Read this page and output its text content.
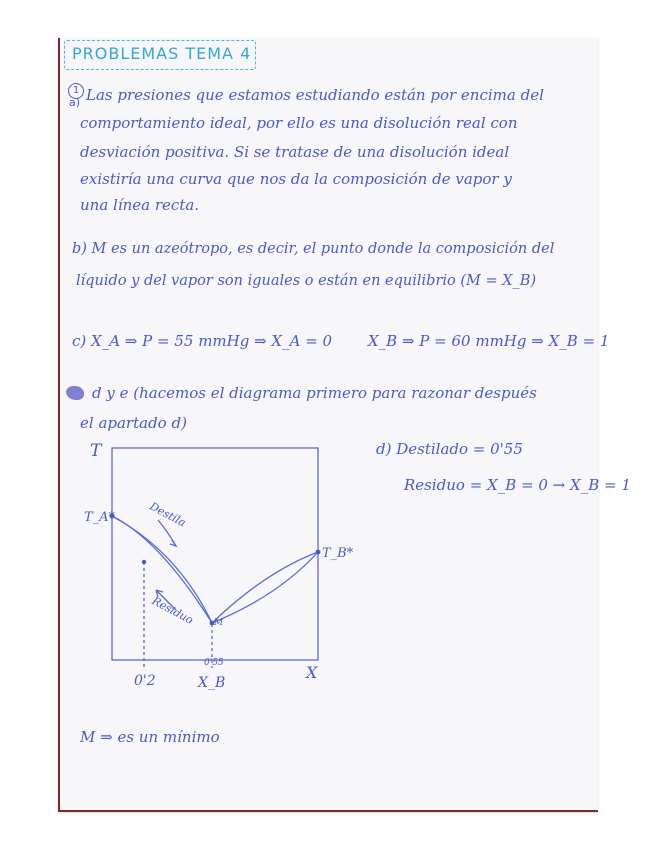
PROBLEMAS TEMA 4
1
a) Las presiones que estamos estudiando están por encima del
comportamiento ideal, por ello es una disolución real con
desviación positiva. Si se tratase de una disolución ideal
existiría una curva que nos da la composición de vapor y
una línea recta.
b) M es un azeótropo, es decir, el punto donde la composición del
líquido y del vapor son iguales o están en equilibrio (M = X_B)
c) X_A ⇒ P = 55 mmHg ⇒ X_A = 0 X_B ⇒ P = 60 mmHg ⇒ X_B = 1
d y e (hacemos el diagrama primero para razonar después
el apartado d)
d) Destilado = 0'55
Residuo = X_B = 0 → X_B = 1
T
X
T_A*
T_B*
Destila
Residuo	M
0'2
0'55
X_B
M ⇒ es un mínimo
